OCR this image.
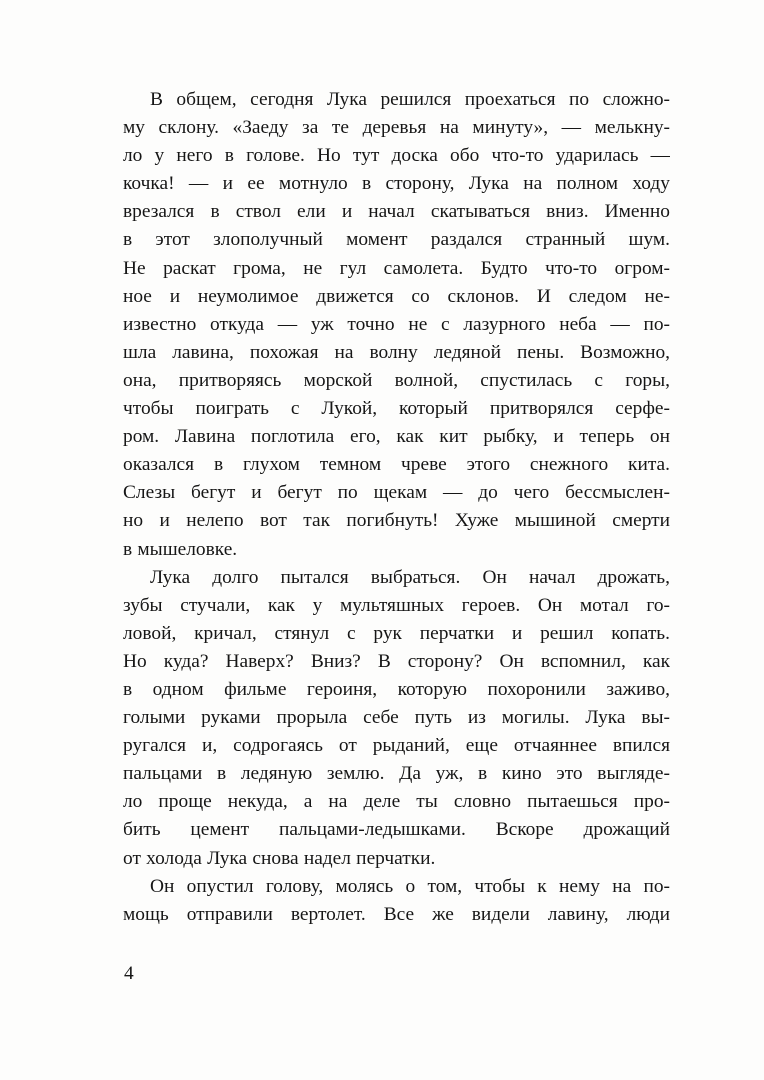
В общем, сегодня Лука решился проехаться по сложно-
му склону. «Заеду за те деревья на минуту», — мелькну-
ло у него в голове. Но тут доска обо что-то ударилась —
кочка! — и ее мотнуло в сторону, Лука на полном ходу
врезался в ствол ели и начал скатываться вниз. Именно
в этот злополучный момент раздался странный шум.
Не раскат грома, не гул самолета. Будто что-то огром-
ное и неумолимое движется со склонов. И следом не-
известно откуда — уж точно не с лазурного неба — по-
шла лавина, похожая на волну ледяной пены. Возможно,
она, притворяясь морской волной, спустилась с горы,
чтобы поиграть с Лукой, который притворялся серфе-
ром. Лавина поглотила его, как кит рыбку, и теперь он
оказался в глухом темном чреве этого снежного кита.
Слезы бегут и бегут по щекам — до чего бессмыслен-
но и нелепо вот так погибнуть! Хуже мышиной смерти
в мышеловке.
Лука долго пытался выбраться. Он начал дрожать,
зубы стучали, как у мультяшных героев. Он мотал го-
ловой, кричал, стянул с рук перчатки и решил копать.
Но куда? Наверх? Вниз? В сторону? Он вспомнил, как
в одном фильме героиня, которую похоронили заживо,
голыми руками прорыла себе путь из могилы. Лука вы-
ругался и, содрогаясь от рыданий, еще отчаяннее впился
пальцами в ледяную землю. Да уж, в кино это выгляде-
ло проще некуда, а на деле ты словно пытаешься про-
бить цемент пальцами-ледышками. Вскоре дрожащий
от холода Лука снова надел перчатки.
Он опустил голову, молясь о том, чтобы к нему на по-
мощь отправили вертолет. Все же видели лавину, люди
4
